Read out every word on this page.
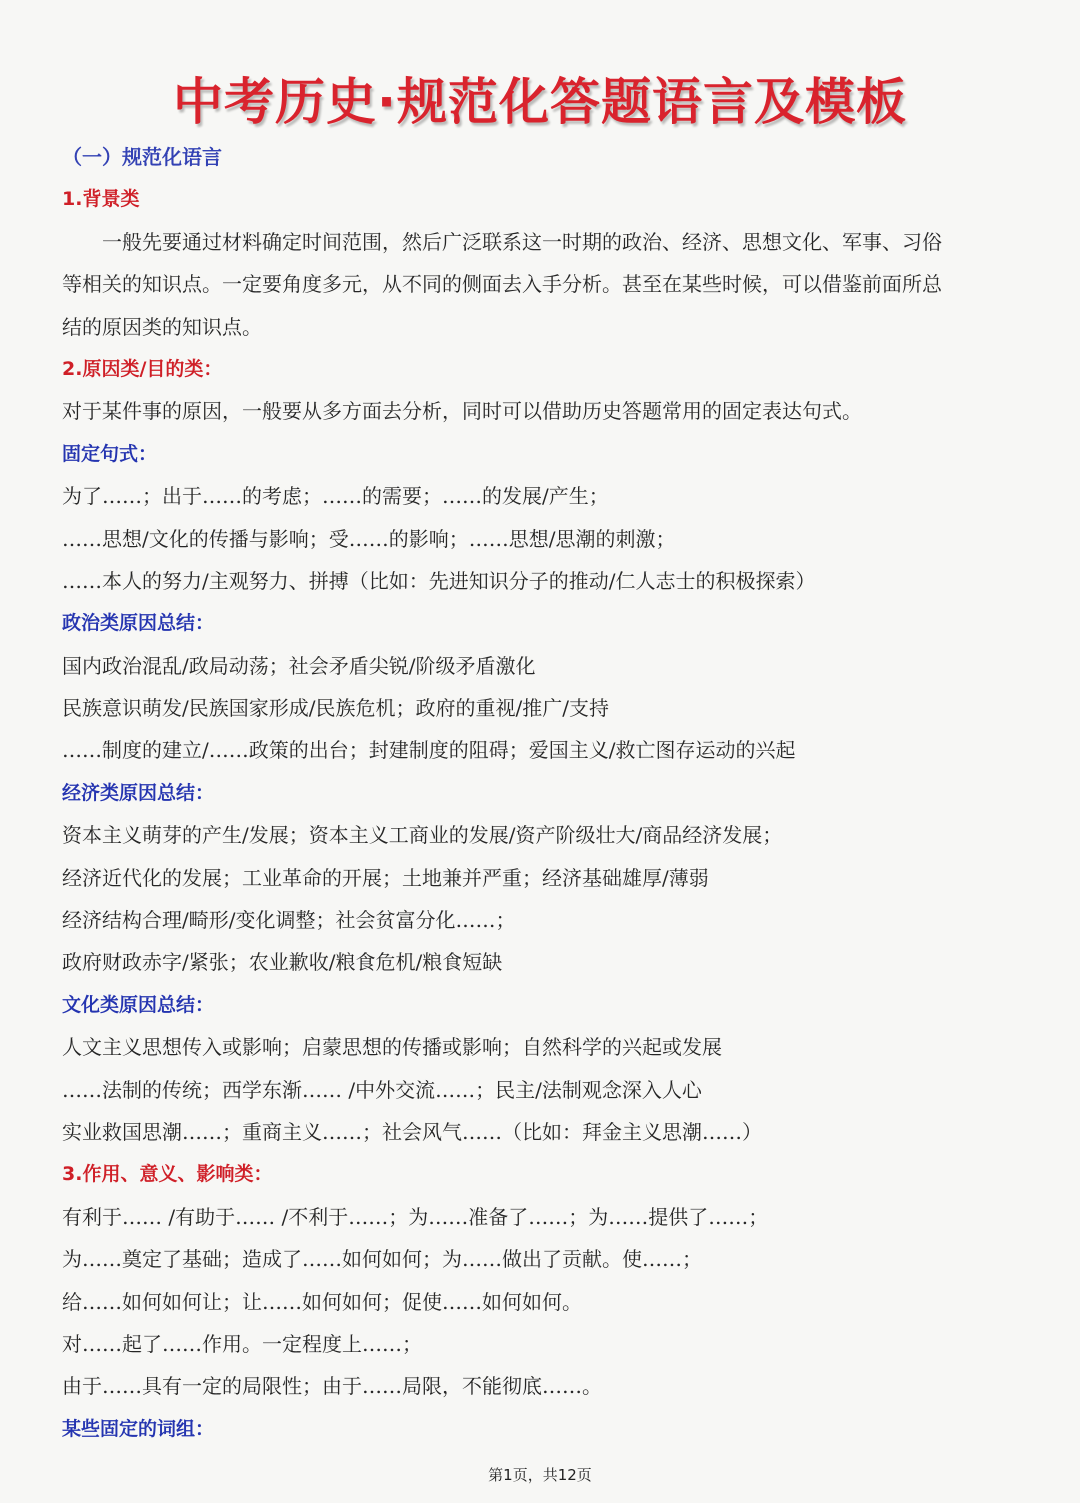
中考历史·规范化答题语言及模板
（一）规范化语言
1.背景类
一般先要通过材料确定时间范围，然后广泛联系这一时期的政治、经济、思想文化、军事、习俗
等相关的知识点。一定要角度多元，从不同的侧面去入手分析。甚至在某些时候，可以借鉴前面所总
结的原因类的知识点。
2.原因类/目的类：
对于某件事的原因，一般要从多方面去分析，同时可以借助历史答题常用的固定表达句式。
固定句式：
为了……；出于……的考虑；……的需要；……的发展/产生；
……思想/文化的传播与影响；受……的影响；……思想/思潮的刺激；
……本人的努力/主观努力、拼搏（比如：先进知识分子的推动/仁人志士的积极探索）
政治类原因总结：
国内政治混乱/政局动荡；社会矛盾尖锐/阶级矛盾激化
民族意识萌发/民族国家形成/民族危机；政府的重视/推广/支持
……制度的建立/……政策的出台；封建制度的阻碍；爱国主义/救亡图存运动的兴起
经济类原因总结：
资本主义萌芽的产生/发展；资本主义工商业的发展/资产阶级壮大/商品经济发展；
经济近代化的发展；工业革命的开展；土地兼并严重；经济基础雄厚/薄弱
经济结构合理/畸形/变化调整；社会贫富分化……；
政府财政赤字/紧张；农业歉收/粮食危机/粮食短缺
文化类原因总结：
人文主义思想传入或影响；启蒙思想的传播或影响；自然科学的兴起或发展
……法制的传统；西学东渐…… /中外交流……；民主/法制观念深入人心
实业救国思潮……；重商主义……；社会风气……（比如：拜金主义思潮……）
3.作用、意义、影响类：
有利于…… /有助于…… /不利于……；为……准备了……；为……提供了……；
为……奠定了基础；造成了……如何如何；为……做出了贡献。使……；
给……如何如何让；让……如何如何；促使……如何如何。
对……起了……作用。一定程度上……；
由于……具有一定的局限性；由于……局限，不能彻底……。
某些固定的词组：
第1页，共12页
